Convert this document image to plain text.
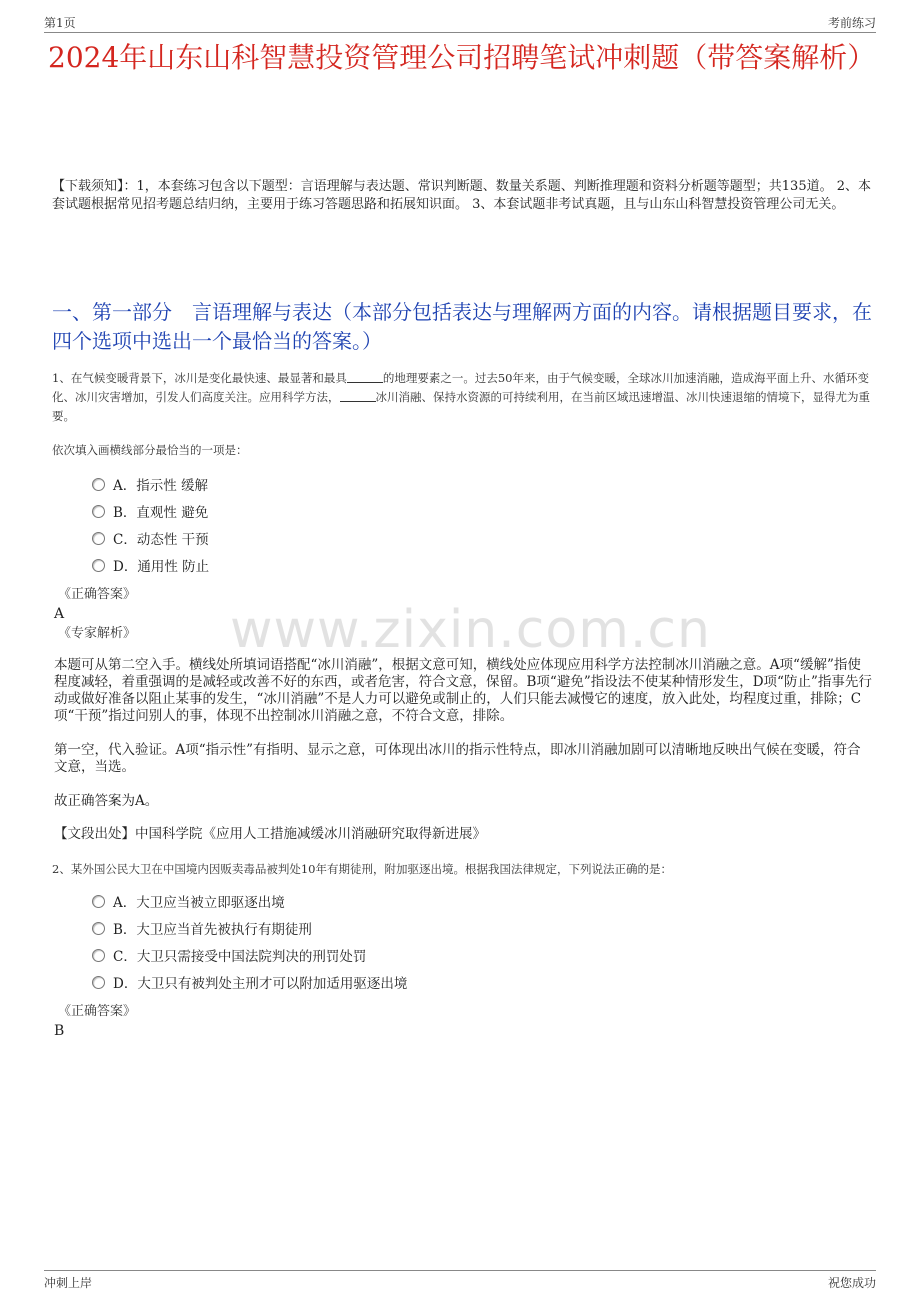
第1页	考前练习
2024年山东山科智慧投资管理公司招聘笔试冲刺题（带答案解析）
【下载须知】：1，本套练习包含以下题型：言语理解与表达题、常识判断题、数量关系题、判断推理题和资料分析题等题型；共135道。 2、本套试题根据常见招考题总结归纳，主要用于练习答题思路和拓展知识面。 3、本套试题非考试真题，且与山东山科智慧投资管理公司无关。
一、第一部分　言语理解与表达（本部分包括表达与理解两方面的内容。请根据题目要求，在四个选项中选出一个最恰当的答案。）
1、在气候变暖背景下，冰川是变化最快速、最显著和最具	的地理要素之一。过去50年来，由于气候变暖，全球冰川加速消融，造成海平面上升、水循环变化、冰川灾害增加，引发人们高度关注。应用科学方法，	冰川消融、保持水资源的可持续利用，在当前区域迅速增温、冰川快速退缩的情境下，显得尤为重要。
依次填入画横线部分最恰当的一项是：
A．指示性 缓解
B．直观性 避免
C．动态性 干预
D．通用性 防止
《正确答案》
A
《专家解析》 www.zixin.com.cn
本题可从第二空入手。横线处所填词语搭配“冰川消融”，根据文意可知，横线处应体现应用科学方法控制冰川消融之意。A项“缓解”指使程度减轻，着重强调的是减轻或改善不好的东西，或者危害，符合文意，保留。B项“避免”指设法不使某种情形发生，D项“防止”指事先行动或做好准备以阻止某事的发生，“冰川消融”不是人力可以避免或制止的，人们只能去减慢它的速度，放入此处，均程度过重，排除；C项“干预”指过问别人的事，体现不出控制冰川消融之意，不符合文意，排除。
第一空，代入验证。A项“指示性”有指明、显示之意，可体现出冰川的指示性特点，即冰川消融加剧可以清晰地反映出气候在变暖，符合文意，当选。
故正确答案为A。
【文段出处】中国科学院《应用人工措施减缓冰川消融研究取得新进展》
2、某外国公民大卫在中国境内因贩卖毒品被判处10年有期徒刑，附加驱逐出境。根据我国法律规定，下列说法正确的是：
A．大卫应当被立即驱逐出境
B．大卫应当首先被执行有期徒刑
C．大卫只需接受中国法院判决的刑罚处罚
D．大卫只有被判处主刑才可以附加适用驱逐出境
《正确答案》
B
冲刺上岸	祝您成功
